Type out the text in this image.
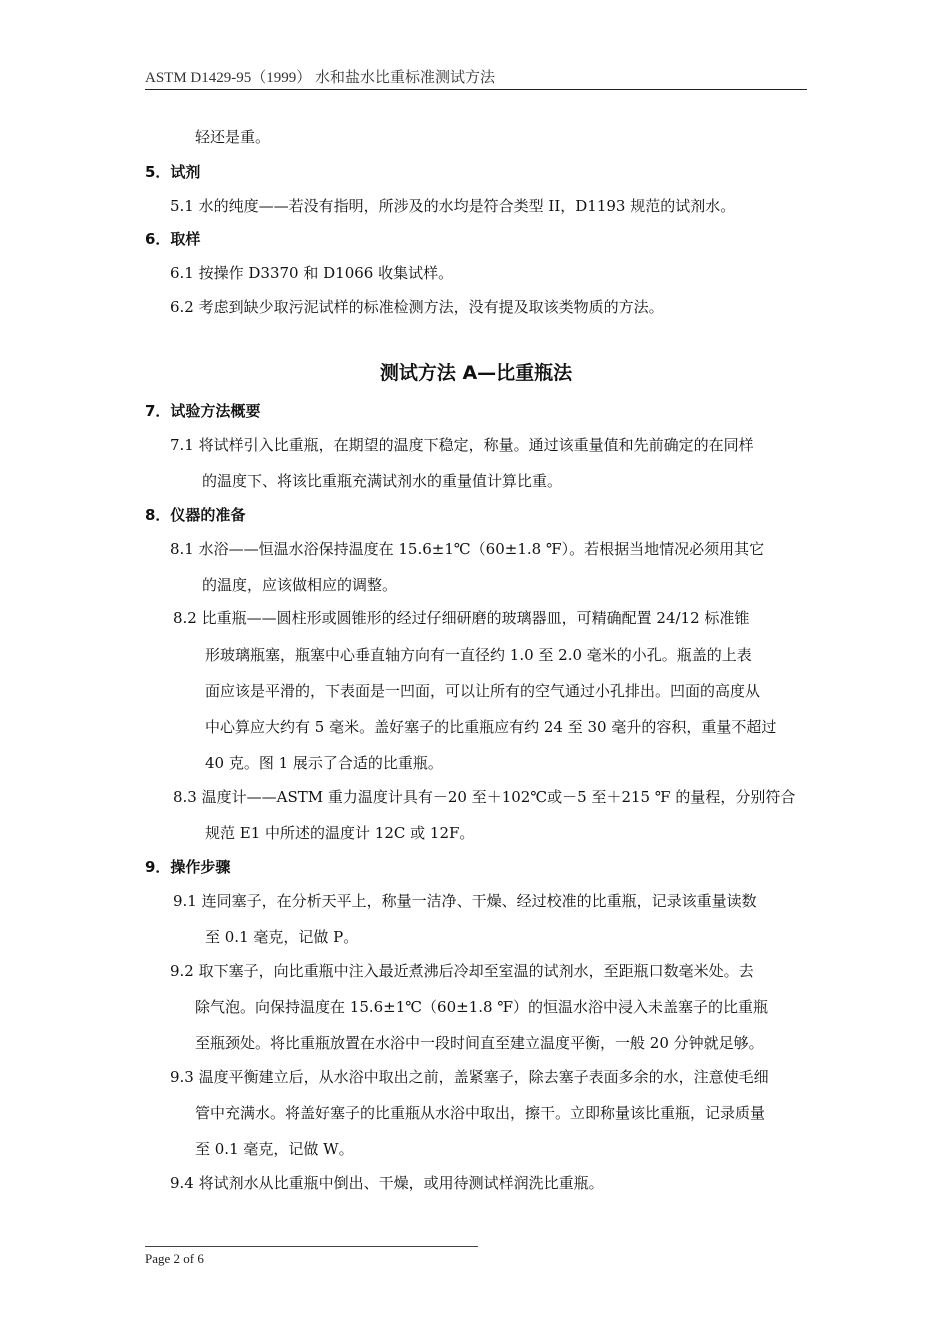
ASTM D1429-95（1999） 水和盐水比重标准测试方法
轻还是重。
5．试剂
5.1 水的纯度——若没有指明，所涉及的水均是符合类型 II，D1193 规范的试剂水。
6．取样
6.1 按操作 D3370 和 D1066 收集试样。
6.2 考虑到缺少取污泥试样的标准检测方法，没有提及取该类物质的方法。
测试方法 A—比重瓶法
7．试验方法概要
7.1 将试样引入比重瓶，在期望的温度下稳定，称量。通过该重量值和先前确定的在同样
的温度下、将该比重瓶充满试剂水的重量值计算比重。
8．仪器的准备
8.1 水浴——恒温水浴保持温度在 15.6±1℃（60±1.8 ℉）。若根据当地情况必须用其它
的温度，应该做相应的调整。
8.2 比重瓶——圆柱形或圆锥形的经过仔细研磨的玻璃器皿，可精确配置 24/12 标准锥
形玻璃瓶塞，瓶塞中心垂直轴方向有一直径约 1.0 至 2.0 毫米的小孔。瓶盖的上表
面应该是平滑的，下表面是一凹面，可以让所有的空气通过小孔排出。凹面的高度从
中心算应大约有 5 毫米。盖好塞子的比重瓶应有约 24 至 30 毫升的容积，重量不超过
40 克。图 1 展示了合适的比重瓶。
8.3 温度计——ASTM 重力温度计具有－20 至＋102℃或－5 至＋215 ℉ 的量程，分别符合
规范 E1 中所述的温度计 12C 或 12F。
9．操作步骤
9.1 连同塞子，在分析天平上，称量一洁净、干燥、经过校准的比重瓶，记录该重量读数
至 0.1 毫克，记做 P。
9.2 取下塞子，向比重瓶中注入最近煮沸后冷却至室温的试剂水，至距瓶口数毫米处。去
除气泡。向保持温度在 15.6±1℃（60±1.8 ℉）的恒温水浴中浸入未盖塞子的比重瓶
至瓶颈处。将比重瓶放置在水浴中一段时间直至建立温度平衡，一般 20 分钟就足够。
9.3 温度平衡建立后，从水浴中取出之前，盖紧塞子，除去塞子表面多余的水，注意使毛细
管中充满水。将盖好塞子的比重瓶从水浴中取出，擦干。立即称量该比重瓶，记录质量
至 0.1 毫克，记做 W。
9.4 将试剂水从比重瓶中倒出、干燥，或用待测试样润洗比重瓶。
Page 2 of 6
